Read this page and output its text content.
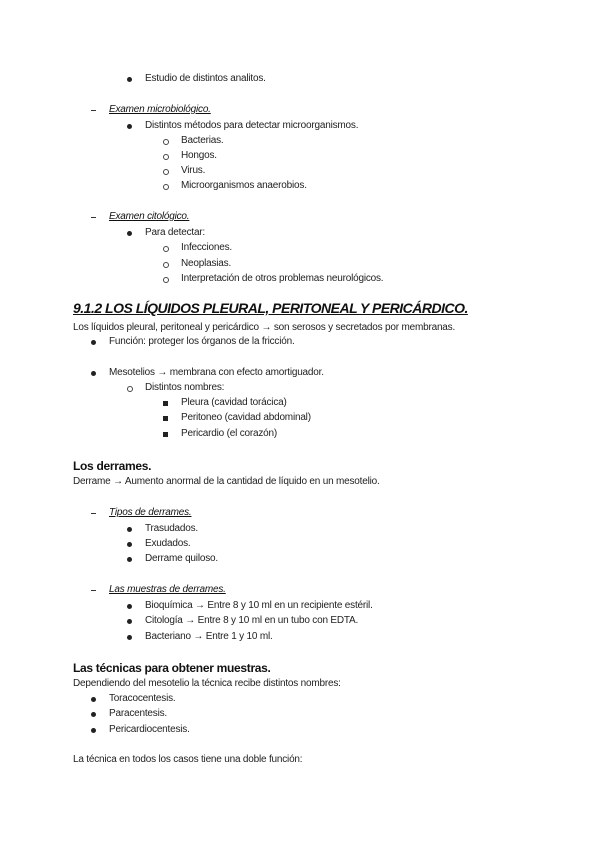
Estudio de distintos analitos.
Examen microbiológico.
Distintos métodos para detectar microorganismos.
Bacterias.
Hongos.
Virus.
Microorganismos anaerobios.
Examen citológico.
Para detectar:
Infecciones.
Neoplasias.
Interpretación de otros problemas neurológicos.
9.1.2 LOS LÍQUIDOS PLEURAL, PERITONEAL Y PERICÁRDICO.
Los líquidos pleural, peritoneal y pericárdico → son serosos y secretados por membranas.
Función: proteger los órganos de la fricción.
Mesotelios → membrana con efecto amortiguador.
Distintos nombres:
Pleura (cavidad torácica)
Peritoneo (cavidad abdominal)
Pericardio (el corazón)
Los derrames.
Derrame → Aumento anormal de la cantidad de líquido en un mesotelio.
Tipos de derrames.
Trasudados.
Exudados.
Derrame quiloso.
Las muestras de derrames.
Bioquímica → Entre 8 y 10 ml en un recipiente estéril.
Citología → Entre 8 y 10 ml en un tubo con EDTA.
Bacteriano → Entre 1 y 10 ml.
Las técnicas para obtener muestras.
Dependiendo del mesotelio la técnica recibe distintos nombres:
Toracocentesis.
Paracentesis.
Pericardiocentesis.
La técnica en todos los casos tiene una doble función:
